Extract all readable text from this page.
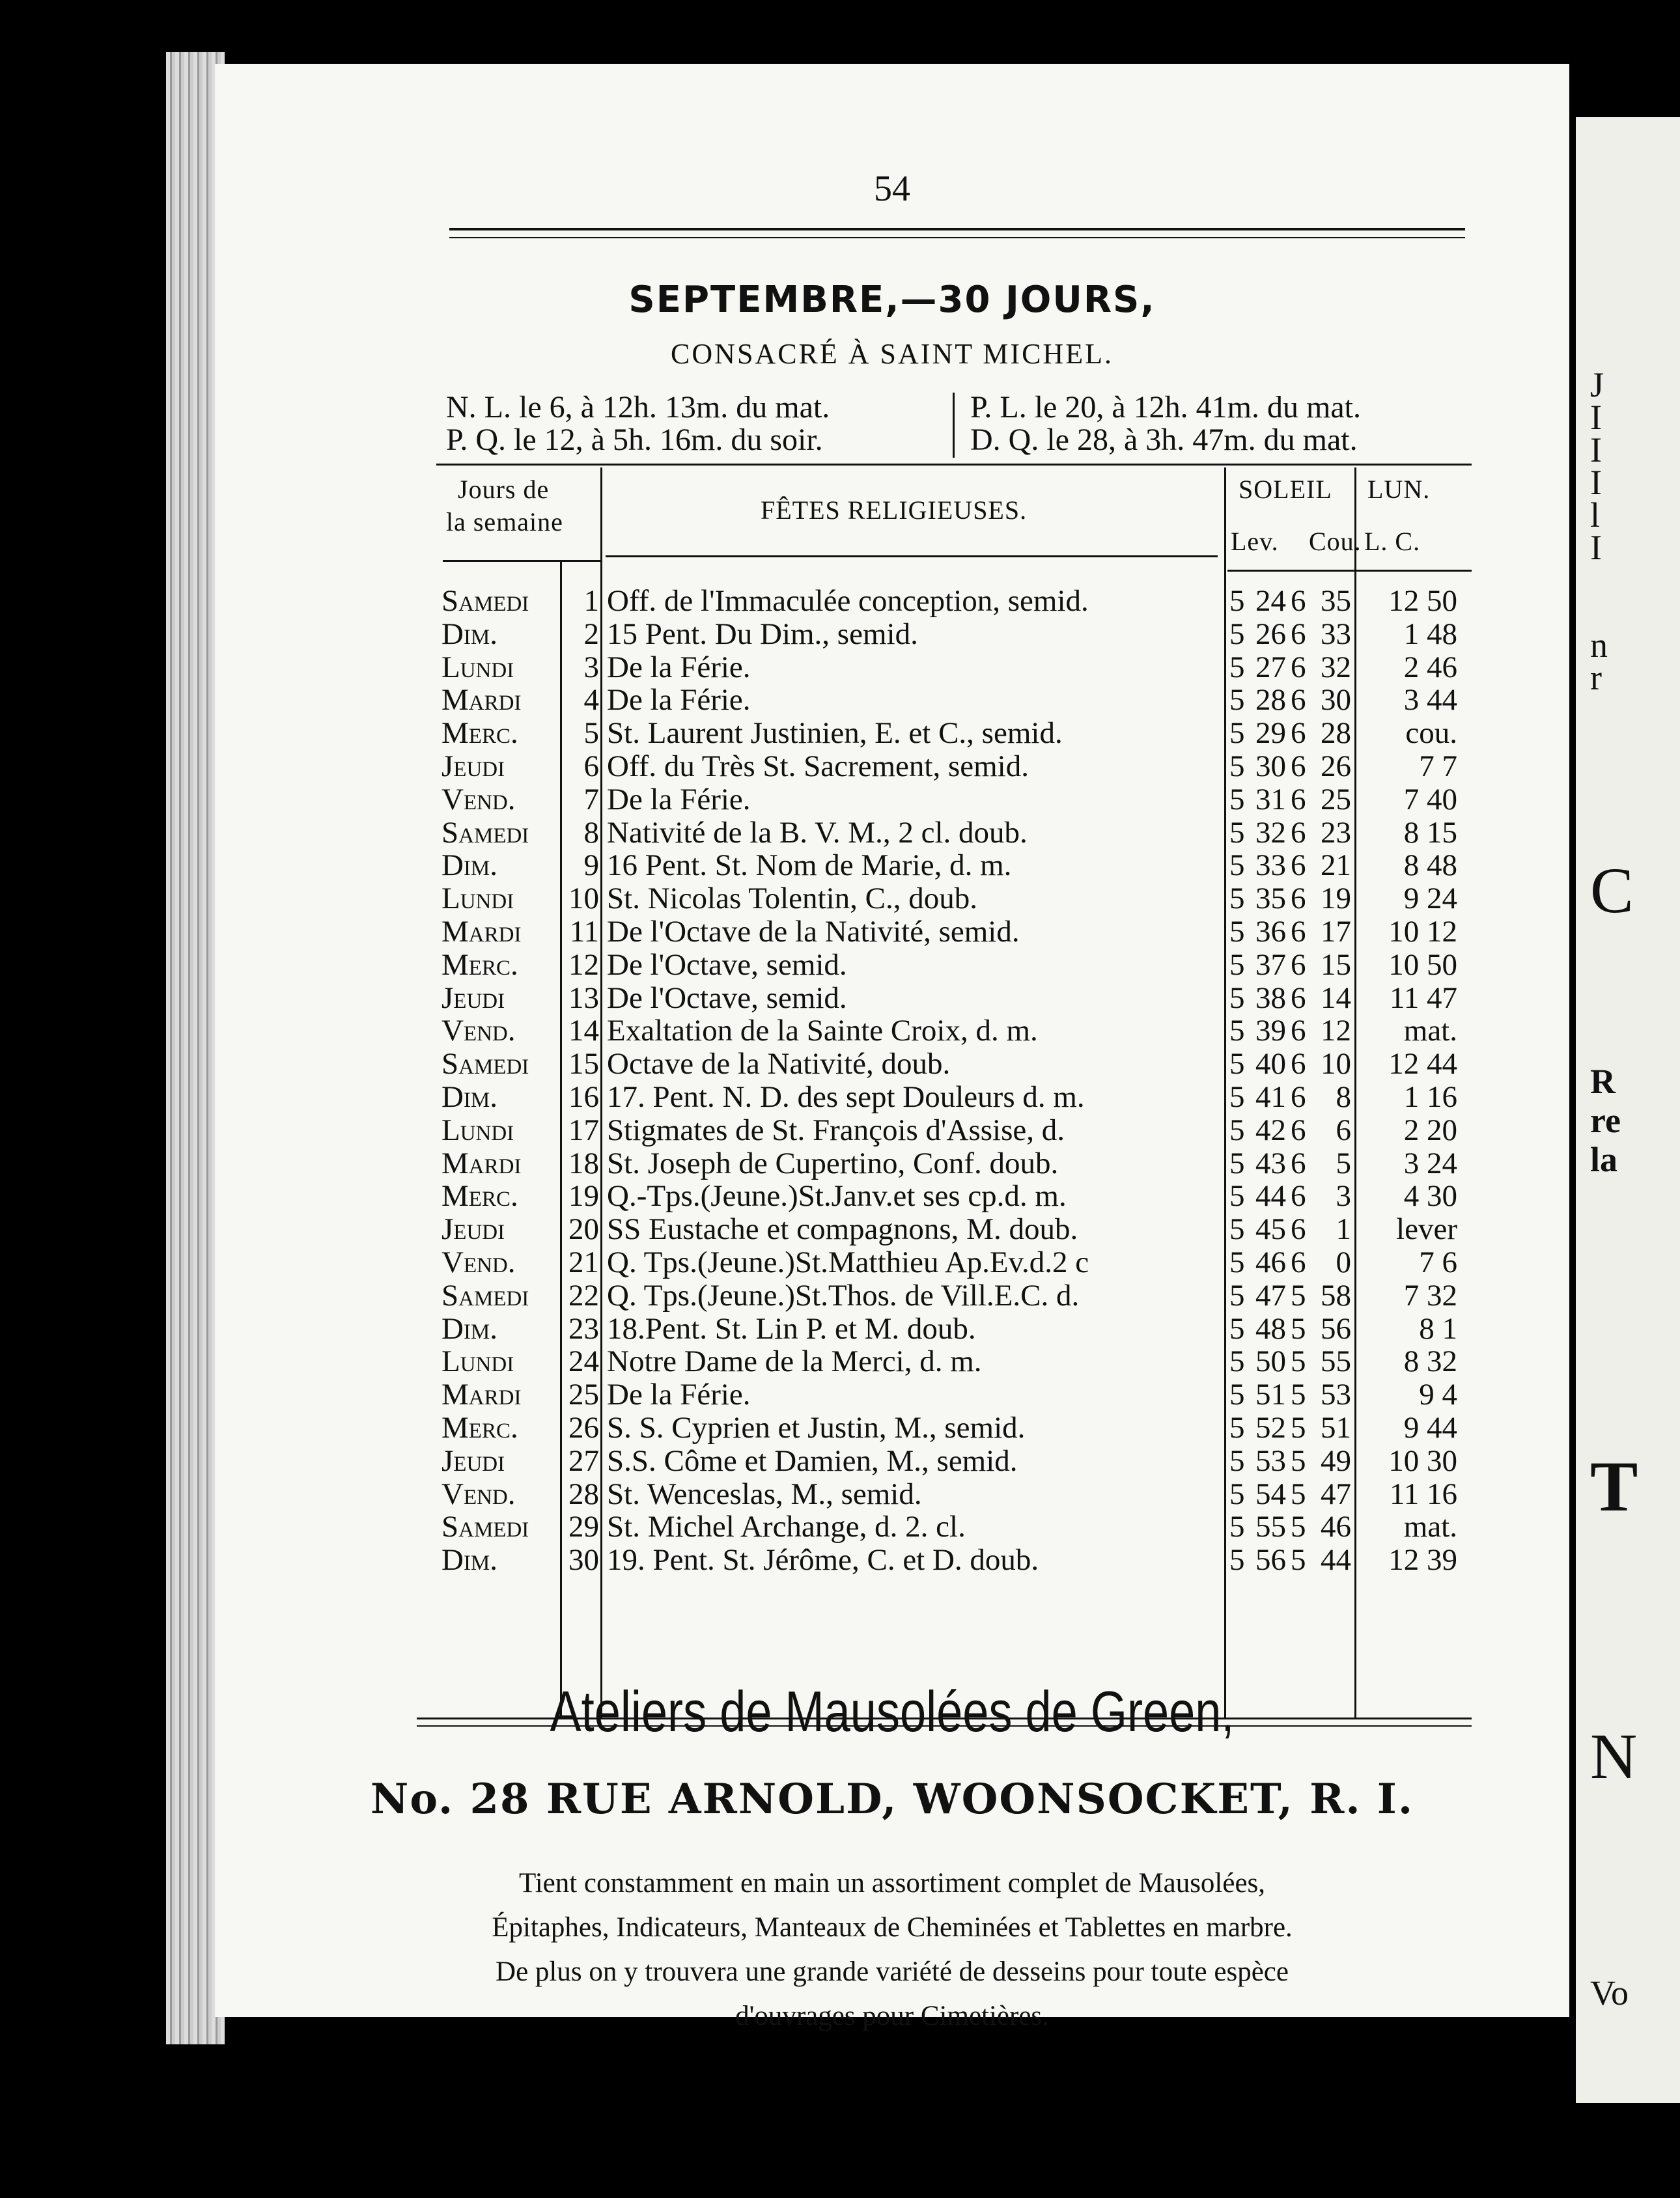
54
SEPTEMBRE,—30 JOURS,
CONSACRÉ À SAINT MICHEL.
N. L. le 6, à 12h. 13m. du mat.
P. Q. le 12, à 5h. 16m. du soir.
P. L. le 20, à 12h. 41m. du mat.
D. Q. le 28, à 3h. 47m. du mat.
Jours de
la semaine	FÊTES RELIGIEUSES.
SOLEIL LUN.
Lev. Cou. L. C.
Samedi	1 Off. de l'Immaculée conception, semid.	5 24 6 35	12 50
Dim.	2 15 Pent. Du Dim., semid.	5 26 6 33	1 48
Lundi	3 De la Férie.	5 27 6 32	2 46
Mardi	4 De la Férie.	5 28 6 30	3 44
Merc.	5 St. Laurent Justinien, E. et C., semid.	5 29 6 28	cou.
Jeudi	6 Off. du Très St. Sacrement, semid.	5 30 6 26	7 7
Vend.	7 De la Férie.	5 31 6 25	7 40
Samedi	8 Nativité de la B. V. M., 2 cl. doub.	5 32 6 23	8 15
Dim.	9 16 Pent. St. Nom de Marie, d. m.	5 33 6 21	8 48
Lundi	10 St. Nicolas Tolentin, C., doub.	5 35 6 19	9 24
Mardi	11 De l'Octave de la Nativité, semid.	5 36 6 17	10 12
Merc.	12 De l'Octave, semid.	5 37 6 15	10 50
Jeudi	13 De l'Octave, semid.	5 38 6 14	11 47
Vend.	14 Exaltation de la Sainte Croix, d. m.	5 39 6 12	mat.
Samedi	15 Octave de la Nativité, doub.	5 40 6 10	12 44
Dim.	16 17. Pent. N. D. des sept Douleurs d. m.	5 41 6 8	1 16
Lundi	17 Stigmates de St. François d'Assise, d.	5 42 6 6	2 20
Mardi	18 St. Joseph de Cupertino, Conf. doub.	5 43 6 5	3 24
Merc.	19 Q.-Tps.(Jeune.)St.Janv.et ses cp.d. m.	5 44 6 3	4 30
Jeudi	20 SS Eustache et compagnons, M. doub.	5 45 6 1	lever
Vend.	21 Q. Tps.(Jeune.)St.Matthieu Ap.Ev.d.2 c	5 46 6 0	7 6
Samedi	22 Q. Tps.(Jeune.)St.Thos. de Vill.E.C. d.	5 47 5 58	7 32
Dim.	23 18.Pent. St. Lin P. et M. doub.	5 48 5 56	8 1
Lundi	24 Notre Dame de la Merci, d. m.	5 50 5 55	8 32
Mardi	25 De la Férie.	5 51 5 53	9 4
Merc.	26 S. S. Cyprien et Justin, M., semid.	5 52 5 51	9 44
Jeudi	27 S.S. Côme et Damien, M., semid.	5 53 5 49	10 30
Vend.	28 St. Wenceslas, M., semid.	5 54 5 47	11 16
Samedi	29 St. Michel Archange, d. 2. cl.	5 55 5 46	mat.
Dim.	30 19. Pent. St. Jérôme, C. et D. doub.	5 56 5 44	12 39
Ateliers de Mausolées de Green,
No. 28 RUE ARNOLD, WOONSOCKET, R. I.
Tient constamment en main un assortiment complet de Mausolées,
Épitaphes, Indicateurs, Manteaux de Cheminées et Tablettes en marbre.
De plus on y trouvera une grande variété de desseins pour toute espèce
d'ouvrages pour Cimetières.
J
I
I
I
l
I
n
r
C
R
re
la
T
N
Vo
